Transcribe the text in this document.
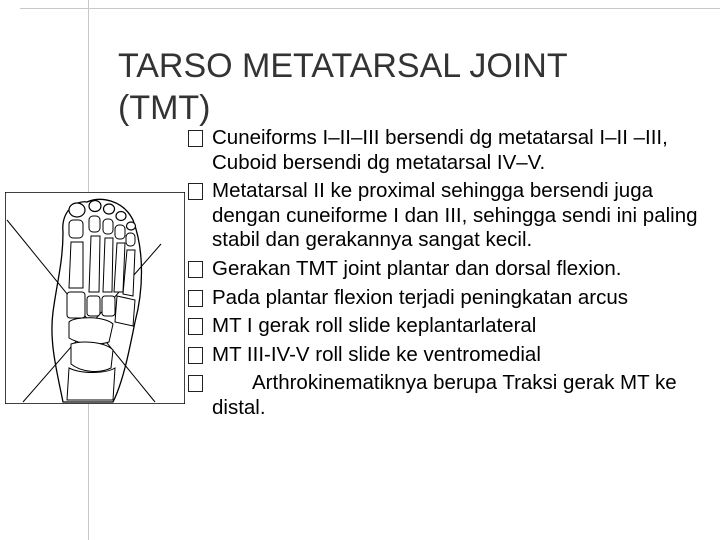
TARSO METATARSAL JOINT
(TMT)
Cuneiforms I–II–III bersendi dg metatarsal I–II –III, Cuboid bersendi dg metatarsal IV–V.
Metatarsal II ke proximal sehingga bersendi juga dengan cuneiforme I dan III, sehingga sendi ini paling stabil dan gerakannya sangat kecil.
Gerakan TMT joint plantar dan dorsal flexion.
Pada plantar flexion terjadi peningkatan arcus
MT I gerak roll slide keplantarlateral
MT III-IV-V roll slide ke ventromedial
Arthrokinematiknya berupa Traksi gerak MT ke distal.
